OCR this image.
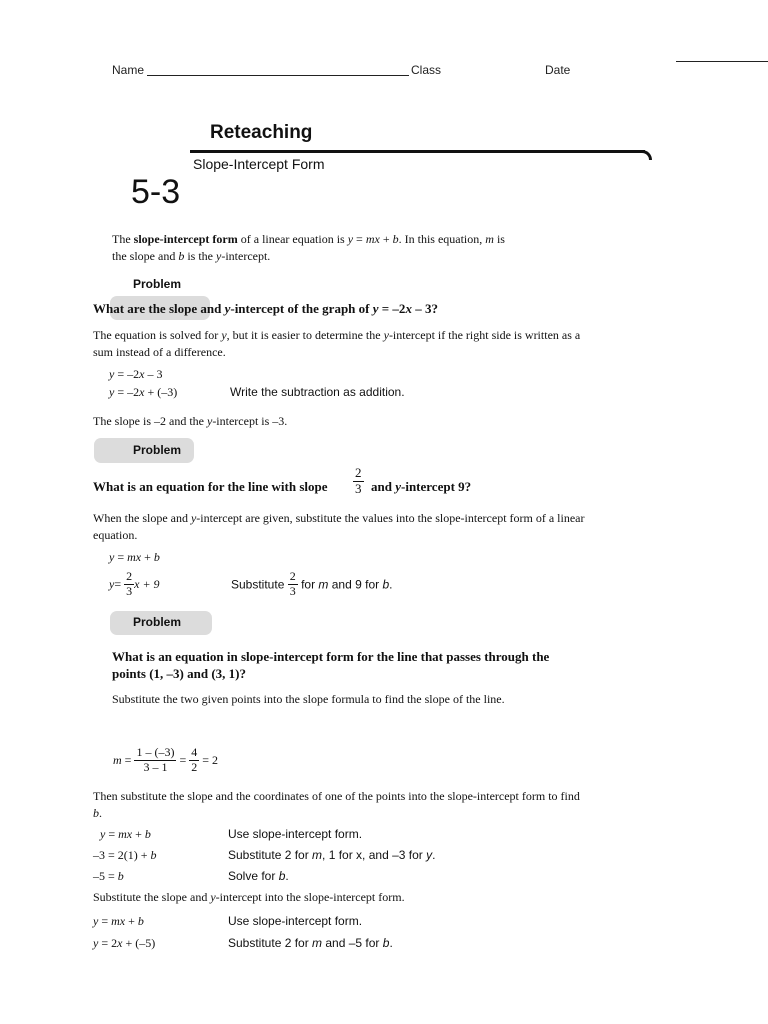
Name	Class	Date
Reteaching
Slope-Intercept Form
5-3
The slope-intercept form of a linear equation is y = mx + b. In this equation, m is
the slope and b is the y-intercept.
Problem
What are the slope and y-intercept of the graph of y = –2x – 3?
The equation is solved for y, but it is easier to determine the y-intercept if the right side is written as a
sum instead of a difference.
y = –2x – 3
y = –2x + (–3)	Write the subtraction as addition.
The slope is –2 and the y-intercept is –3.
Problem
What is an equation for the line with slope $\frac{2}{3}$ and y-intercept 9?
When the slope and y-intercept are given, substitute the values into the slope-intercept form of a linear
equation.
y = mx + b
$y= \frac{2}{3}$ x + 9	Substitute $\frac{2}{3}$ for m and 9 for b.
Problem
What is an equation in slope-intercept form for the line that passes through the
points (1, –3) and (3, 1)?
Substitute the two given points into the slope formula to find the slope of the line.
$m = \frac{1 - (-3)}{3 - 1} = \frac{4}{2} = 2$
Then substitute the slope and the coordinates of one of the points into the slope-intercept form to find
b.
y = mx + b	Use slope-intercept form.
–3 = 2(1) + b	Substitute 2 for m, 1 for x, and –3 for y.
–5 = b	Solve for b.
Substitute the slope and y-intercept into the slope-intercept form.
y = mx + b	Use slope-intercept form.
y = 2x + (–5)	Substitute 2 for m and –5 for b.
